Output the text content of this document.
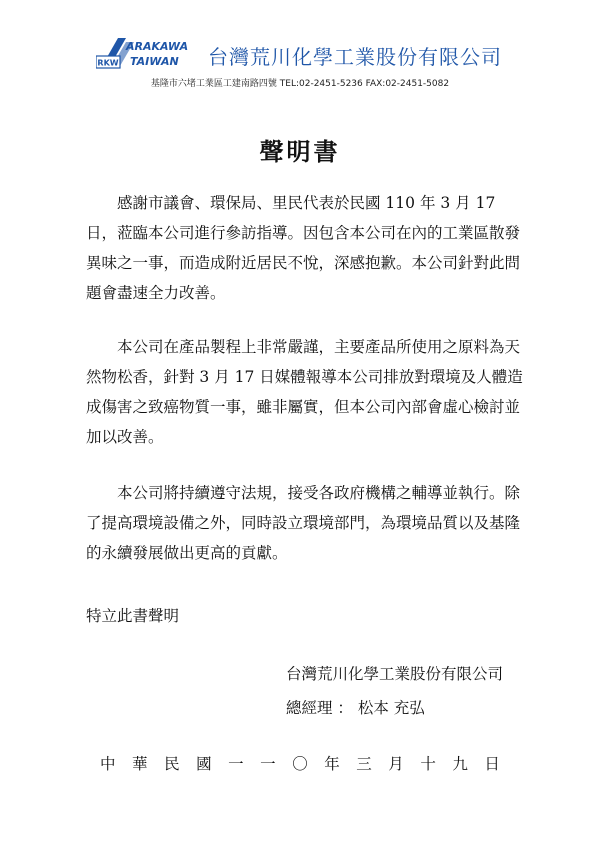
RKW
ARAKAWA
TAIWAN 台灣荒川化學工業股份有限公司
基隆市六堵工業區工建南路四號 TEL:02-2451-5236 FAX:02-2451-5082
聲明書

感謝市議會、環保局、里民代表於民國 110 年 3 月 17 日，蒞臨本公司進行參訪指導。因包含本公司在內的工業區散發異味之一事，而造成附近居民不悅，深感抱歉。本公司針對此問題會盡速全力改善。

本公司在產品製程上非常嚴謹，主要產品所使用之原料為天然物松香，針對 3 月 17 日媒體報導本公司排放對環境及人體造成傷害之致癌物質一事，雖非屬實，但本公司內部會虛心檢討並加以改善。

本公司將持續遵守法規，接受各政府機構之輔導並執行。除了提高環境設備之外，同時設立環境部門，為環境品質以及基隆的永續發展做出更高的貢獻。

特立此書聲明
台灣荒川化學工業股份有限公司
總經理 ： 松本 充弘
中 華 民 國 一 一 〇 年 三 月 十 九 日
